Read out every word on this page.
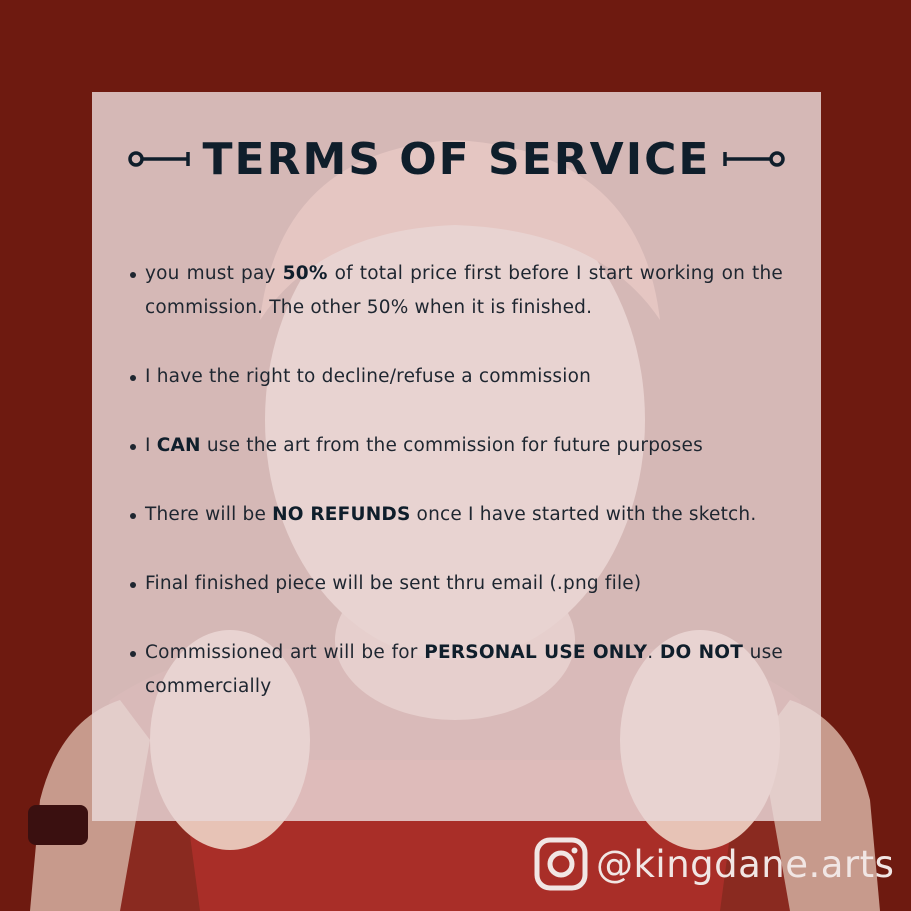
TERMS OF SERVICE
you must pay 50% of total price first before I start working on the commission. The other 50% when it is finished.
I have the right to decline/refuse a commission
I CAN use the art from the commission for future purposes
There will be NO REFUNDS once I have started with the sketch.
Final finished piece will be sent thru email (.png file)
Commissioned art will be for PERSONAL USE ONLY. DO NOT use commercially
@kingdane.arts
